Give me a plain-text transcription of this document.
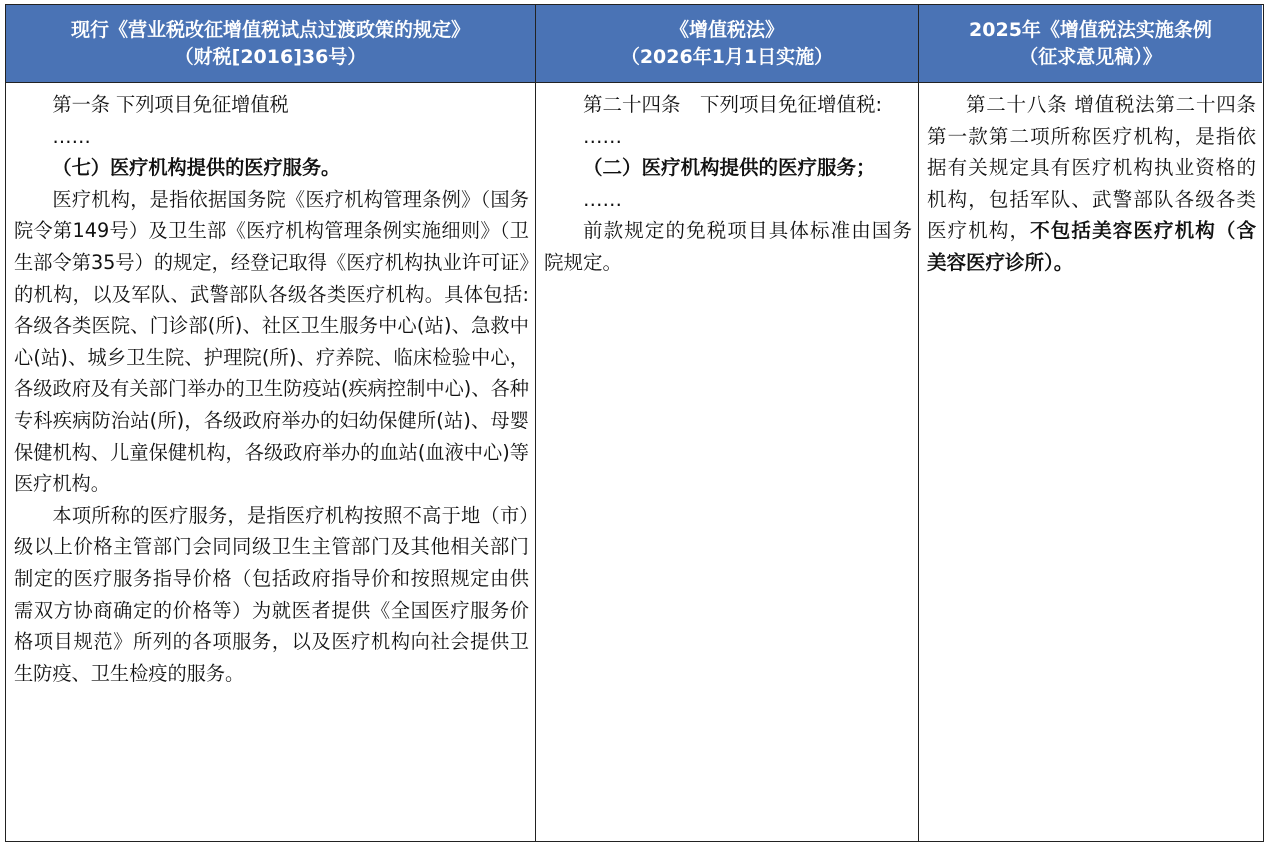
现行《营业税改征增值税试点过渡政策的规定》
（财税[2016]36号）
《增值税法》
（2026年1月1日实施）
2025年《增值税法实施条例
（征求意见稿）》

第一条 下列项目免征增值税

……

（七）医疗机构提供的医疗服务。

医疗机构，是指依据国务院《医疗机构管理条例》（国务院令第149号）及卫生部《医疗机构管理条例实施细则》（卫生部令第35号）的规定，经登记取得《医疗机构执业许可证》的机构，以及军队、武警部队各级各类医疗机构。具体包括:各级各类医院、门诊部(所)、社区卫生服务中心(站)、急救中心(站)、城乡卫生院、护理院(所)、疗养院、临床检验中心，各级政府及有关部门举办的卫生防疫站(疾病控制中心)、各种专科疾病防治站(所)，各级政府举办的妇幼保健所(站)、母婴保健机构、儿童保健机构，各级政府举办的血站(血液中心)等医疗机构。

本项所称的医疗服务，是指医疗机构按照不高于地（市）级以上价格主管部门会同同级卫生主管部门及其他相关部门制定的医疗服务指导价格（包括政府指导价和按照规定由供需双方协商确定的价格等）为就医者提供《全国医疗服务价格项目规范》所列的各项服务，以及医疗机构向社会提供卫生防疫、卫生检疫的服务。

第二十四条　下列项目免征增值税:

……

（二）医疗机构提供的医疗服务；

……

前款规定的免税项目具体标准由国务院规定。

第二十八条 增值税法第二十四条第一款第二项所称医疗机构，是指依据有关规定具有医疗机构执业资格的机构，包括军队、武警部队各级各类医疗机构，不包括美容医疗机构（含美容医疗诊所）。
